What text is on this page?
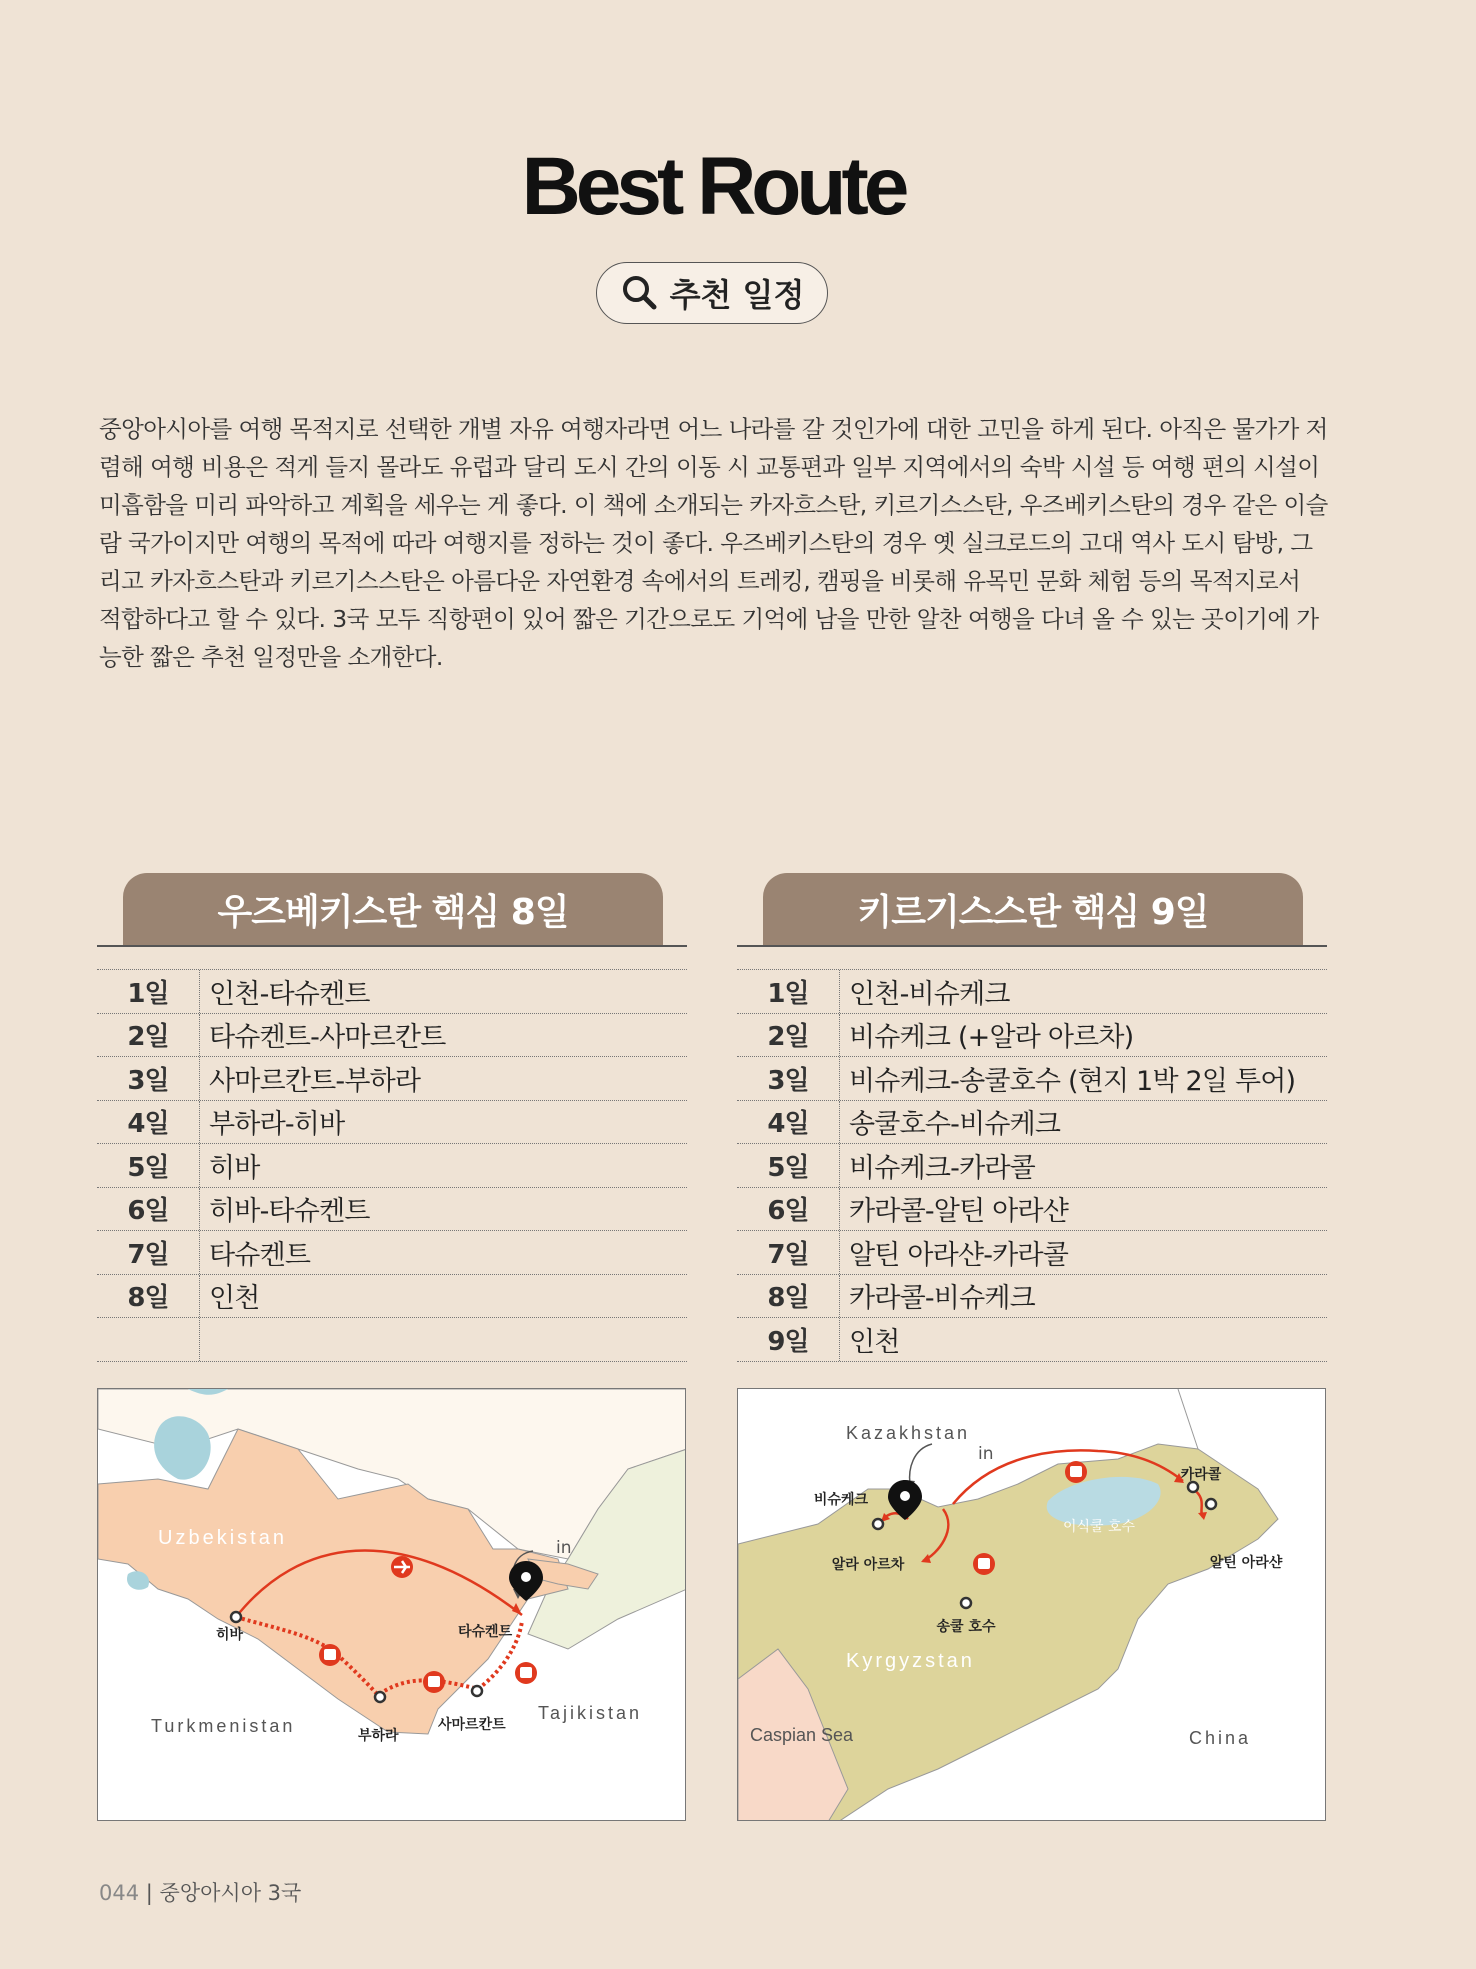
Best Route
추천 일정

중앙아시아를 여행 목적지로 선택한 개별 자유 여행자라면 어느 나라를 갈 것인가에 대한 고민을 하게 된다. 아직은 물가가 저렴해 여행 비용은 적게 들지 몰라도 유럽과 달리 도시 간의 이동 시 교통편과 일부 지역에서의 숙박 시설 등 여행 편의 시설이 미흡함을 미리 파악하고 계획을 세우는 게 좋다. 이 책에 소개되는 카자흐스탄, 키르기스스탄, 우즈베키스탄의 경우 같은 이슬람 국가이지만 여행의 목적에 따라 여행지를 정하는 것이 좋다. 우즈베키스탄의 경우 옛 실크로드의 고대 역사 도시 탐방, 그리고 카자흐스탄과 키르기스스탄은 아름다운 자연환경 속에서의 트레킹, 캠핑을 비롯해 유목민 문화 체험 등의 목적지로서 적합하다고 할 수 있다. 3국 모두 직항편이 있어 짧은 기간으로도 기억에 남을 만한 알찬 여행을 다녀 올 수 있는 곳이기에 가능한 짧은 추천 일정만을 소개한다.

우즈베키스탄 핵심 8일
1일	인천-타슈켄트
2일	타슈켄트-사마르칸트
3일	사마르칸트-부하라
4일	부하라-히바
5일	히바
6일	히바-타슈켄트
7일	타슈켄트
8일	인천
키르기스스탄 핵심 9일
1일	인천-비슈케크
2일	비슈케크 (+알라 아르차)
3일	비슈케크-송쿨호수 (현지 1박 2일 투어)
4일	송쿨호수-비슈케크
5일	비슈케크-카라콜
6일	카라콜-알틴 아라샨
7일	알틴 아라샨-카라콜
8일	카라콜-비슈케크
9일	인천
Uzbekistan
Turkmenistan
Tajikistan
in
타슈켄트
히바
부하라
사마르칸트
Kazakhstan
Kyrgyzstan
Caspian Sea	China
이식쿨 호수
in
비슈케크
알라 아르차
송쿨 호수
카라콜
알틴 아라샨
044 | 중앙아시아 3국
